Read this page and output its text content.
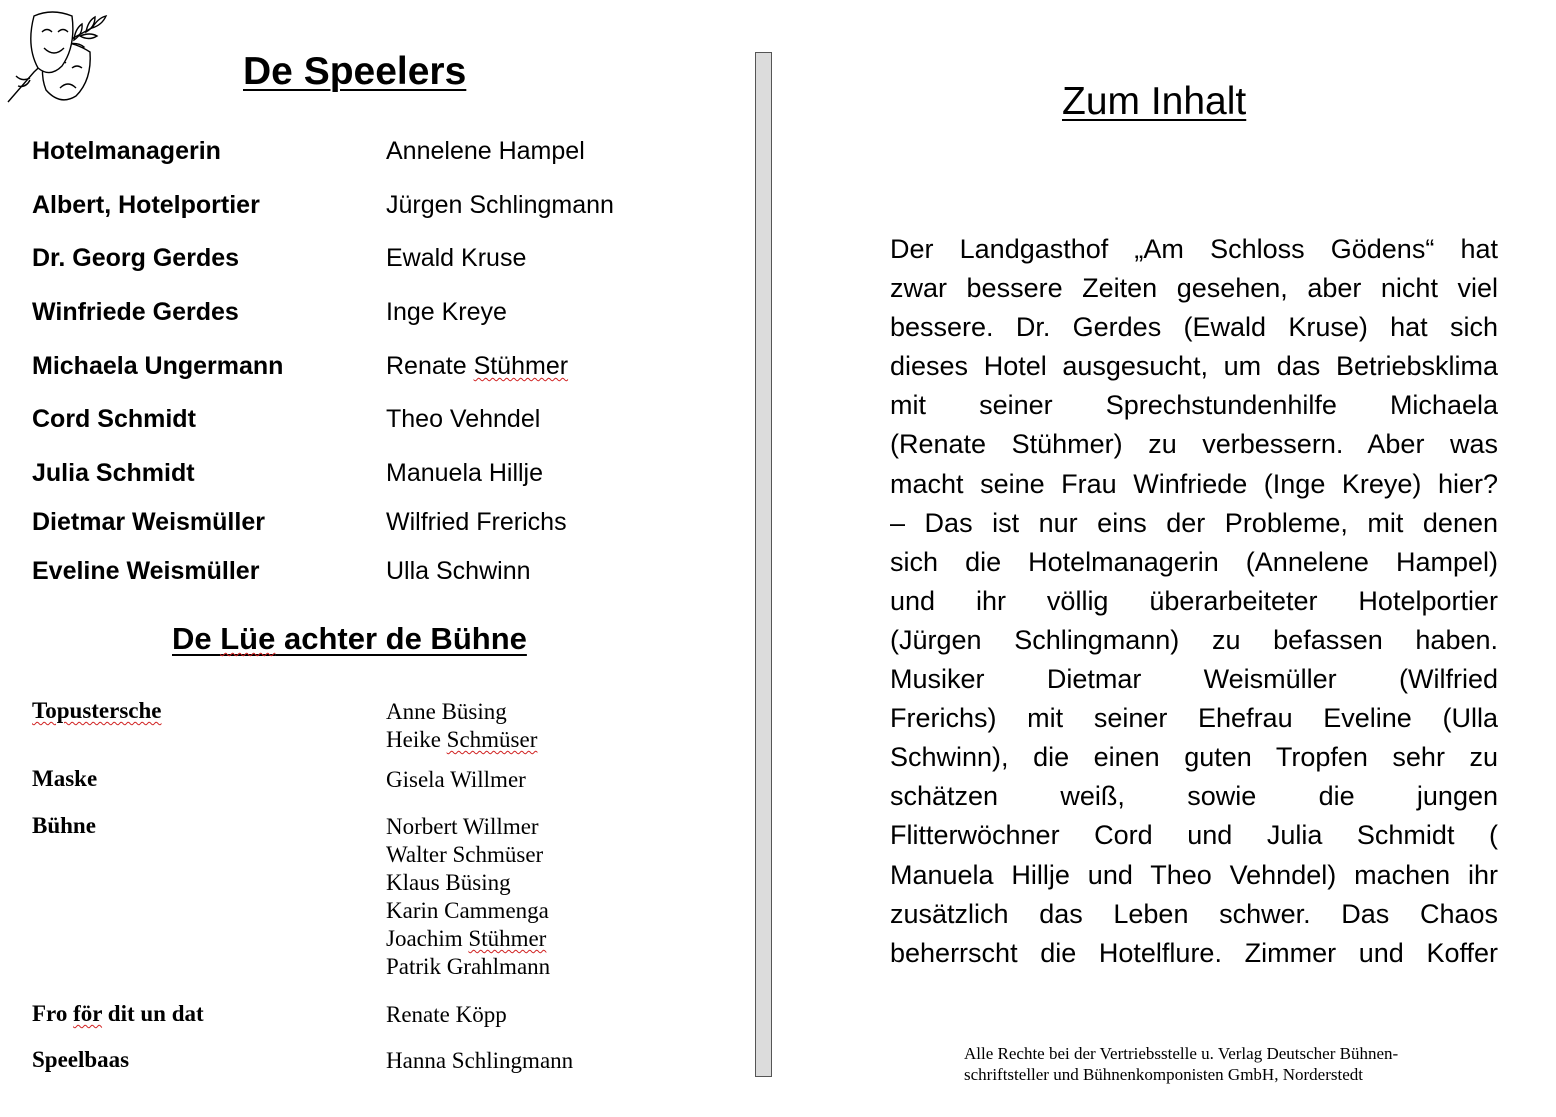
De Speelers
Hotelmanagerin	Annelene Hampel
Albert, Hotelportier	Jürgen Schlingmann
Dr. Georg Gerdes	Ewald Kruse
Winfriede Gerdes	Inge Kreye
Michaela Ungermann	Renate Stühmer
Cord Schmidt	Theo Vehndel
Julia Schmidt	Manuela Hillje
Dietmar Weismüller	Wilfried Frerichs
Eveline Weismüller	Ulla Schwinn
De Lüe achter de Bühne
Topustersche	Anne Büsing
Heike Schmüser
Maske	Gisela Willmer
Bühne	Norbert Willmer
Walter Schmüser
Klaus Büsing
Karin Cammenga
Joachim Stühmer
Patrik Grahlmann
Fro för dit un dat	Renate Köpp
Speelbaas	Hanna Schlingmann
Zum Inhalt
Der Landgasthof „Am Schloss Gödens“ hat
zwar bessere Zeiten gesehen, aber nicht viel
bessere. Dr. Gerdes (Ewald Kruse) hat sich
dieses Hotel ausgesucht, um das Betriebsklima
mit seiner Sprechstundenhilfe Michaela
(Renate Stühmer) zu verbessern. Aber was
macht seine Frau Winfriede (Inge Kreye) hier?
– Das ist nur eins der Probleme, mit denen
sich die Hotelmanagerin (Annelene Hampel)
und ihr völlig überarbeiteter Hotelportier
(Jürgen Schlingmann) zu befassen haben.
Musiker Dietmar Weismüller (Wilfried
Frerichs) mit seiner Ehefrau Eveline (Ulla
Schwinn), die einen guten Tropfen sehr zu
schätzen weiß, sowie die jungen
Flitterwöchner Cord und Julia Schmidt (
Manuela Hillje und Theo Vehndel) machen ihr
zusätzlich das Leben schwer. Das Chaos
beherrscht die Hotelflure. Zimmer und Koffer
Alle Rechte bei der Vertriebsstelle u. Verlag Deutscher Bühnen-
schriftsteller und Bühnenkomponisten GmbH, Norderstedt
